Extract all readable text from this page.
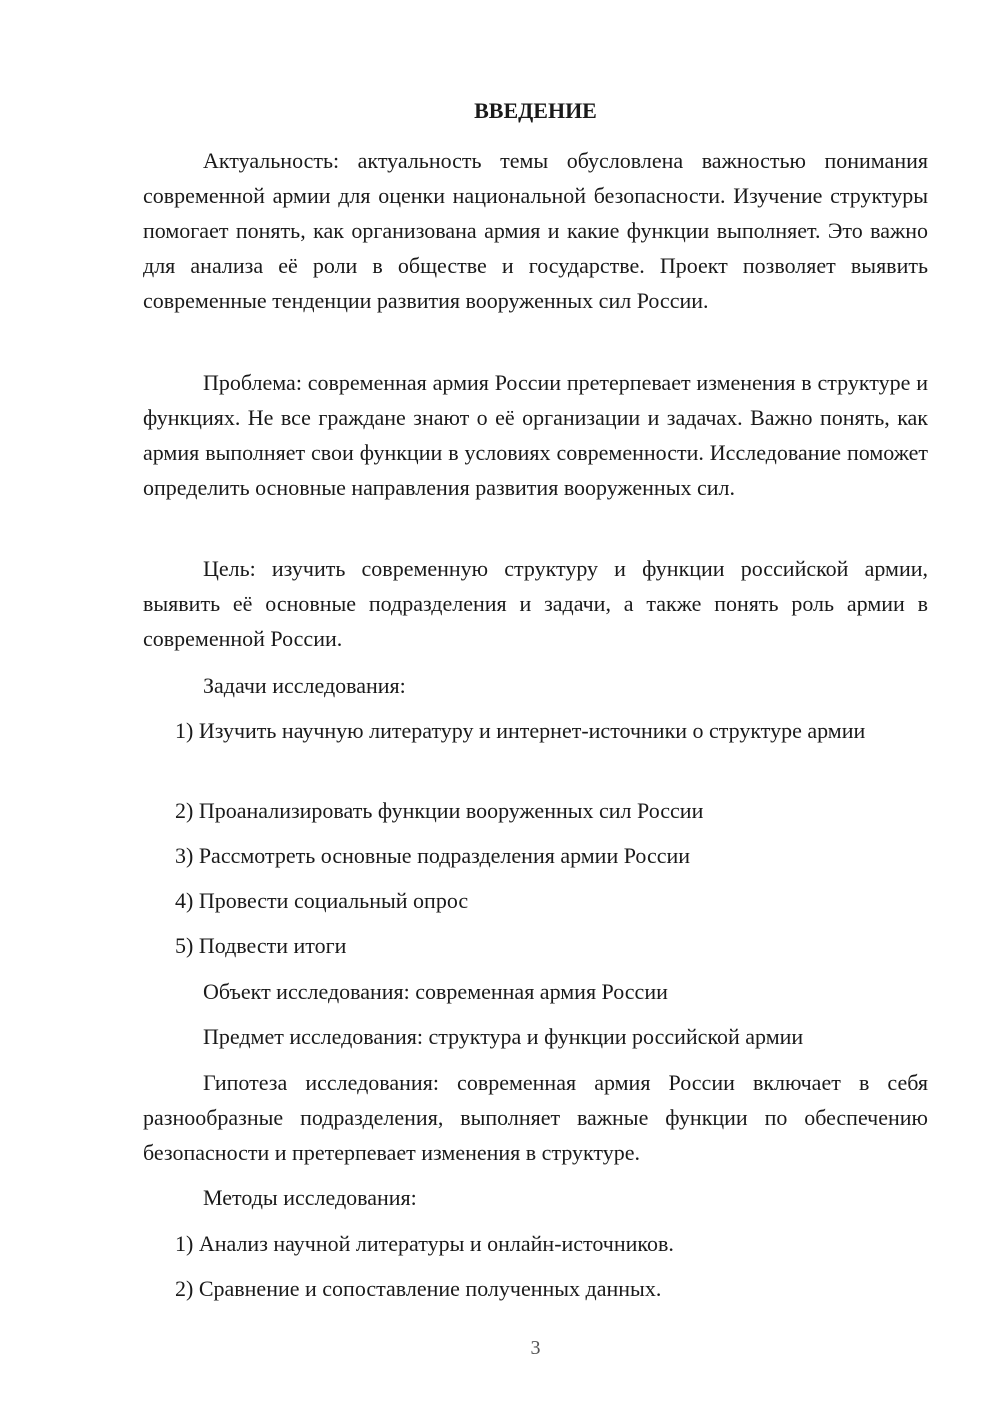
ВВЕДЕНИЕ
Актуальность: актуальность темы обусловлена важностью понимания современной армии для оценки национальной безопасности. Изучение структуры помогает понять, как организована армия и какие функции выполняет. Это важно для анализа её роли в обществе и государстве. Проект позволяет выявить современные тенденции развития вооруженных сил России.
Проблема: современная армия России претерпевает изменения в структуре и функциях. Не все граждане знают о её организации и задачах. Важно понять, как армия выполняет свои функции в условиях современности. Исследование поможет определить основные направления развития вооруженных сил.
Цель: изучить современную структуру и функции российской армии, выявить её основные подразделения и задачи, а также понять роль армии в современной России.
Задачи исследования:
1) Изучить научную литературу и интернет-источники о структуре армии
2) Проанализировать функции вооруженных сил России
3) Рассмотреть основные подразделения армии России
4) Провести социальный опрос
5) Подвести итоги
Объект исследования: современная армия России
Предмет исследования: структура и функции российской армии
Гипотеза исследования: современная армия России включает в себя разнообразные подразделения, выполняет важные функции по обеспечению безопасности и претерпевает изменения в структуре.
Методы исследования:
1) Анализ научной литературы и онлайн-источников.
2) Сравнение и сопоставление полученных данных.
3
